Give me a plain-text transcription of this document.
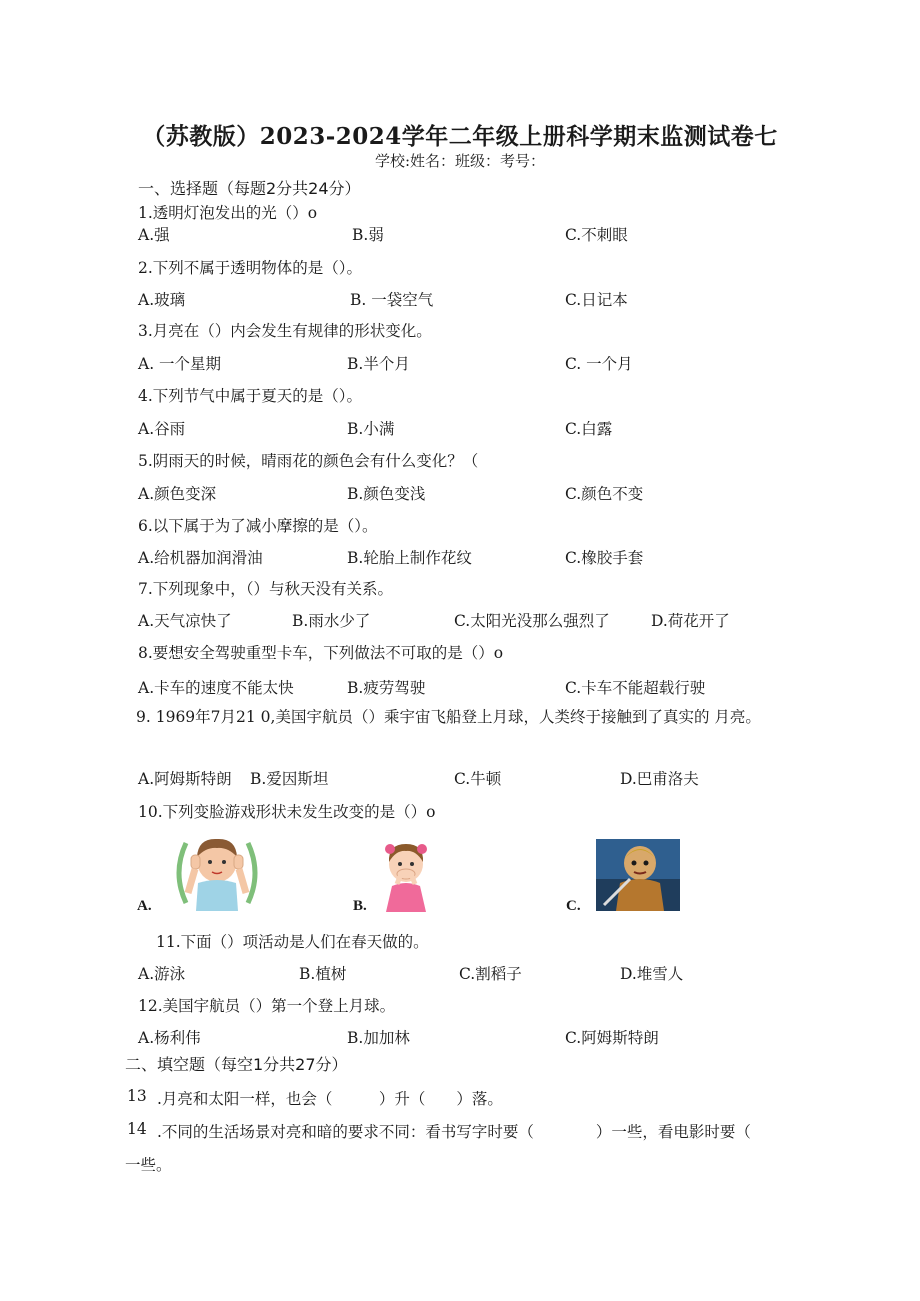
（苏教版）2023-2024学年二年级上册科学期末监测试卷七
学校:姓名：班级：考号：
一、选择题（每题2分共24分）
1.透明灯泡发出的光（）o
A.强	B.弱	C.不刺眼
2.下列不属于透明物体的是（）。
A.玻璃	B. 一袋空气	C.日记本
3.月亮在（）内会发生有规律的形状变化。
A. 一个星期	B.半个月	C. 一个月
4.下列节气中属于夏天的是（）。
A.谷雨	B.小满	C.白露
5.阴雨天的时候，晴雨花的颜色会有什么变化？（
A.颜色变深	B.颜色变浅	C.颜色不变
6.以下属于为了减小摩擦的是（）。
A.给机器加润滑油	B.轮胎上制作花纹	C.橡胶手套
7.下列现象中，（）与秋天没有关系。
A.天气凉快了	B.雨水少了	C.太阳光没那么强烈了	D.荷花开了
8.要想安全驾驶重型卡车，下列做法不可取的是（）o
A.卡车的速度不能太快	B.疲劳驾驶	C.卡车不能超载行驶
9. 1969年7月21 0,美国宇航员（）乘宇宙飞船登上月球，人类终于接触到了真实的 月亮。
A.阿姆斯特朗 B.爱因斯坦	C.牛顿	D.巴甫洛夫
10.下列变脸游戏形状未发生改变的是（）o
A.	B.	C.
11.下面（）项活动是人们在春天做的。
A.游泳	B.植树	C.割稻子	D.堆雪人
12.美国宇航员（）第一个登上月球。
A.杨利伟	B.加加林	C.阿姆斯特朗
二、填空题（每空1分共27分）
13 .月亮和太阳一样，也会（　　　）升（　　）落。
14 .不同的生活场景对亮和暗的要求不同：看书写字时要（　　　　）一些，看电影时要（
一些。
